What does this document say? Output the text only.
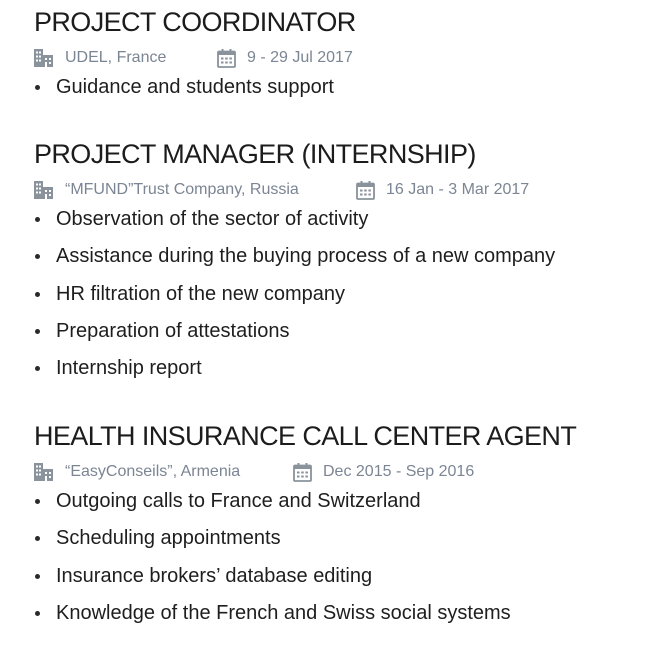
PROJECT COORDINATOR
UDEL, France	9 - 29 Jul 2017
Guidance and students support
PROJECT MANAGER (INTERNSHIP)
“MFUND”Trust Company, Russia	16 Jan - 3 Mar 2017
Observation of the sector of activity
Assistance during the buying process of a new company
HR filtration of the new company
Preparation of attestations
Internship report
HEALTH INSURANCE CALL CENTER AGENT
“EasyConseils”, Armenia	Dec 2015 - Sep 2016
Outgoing calls to France and Switzerland
Scheduling appointments
Insurance brokers’ database editing
Knowledge of the French and Swiss social systems
